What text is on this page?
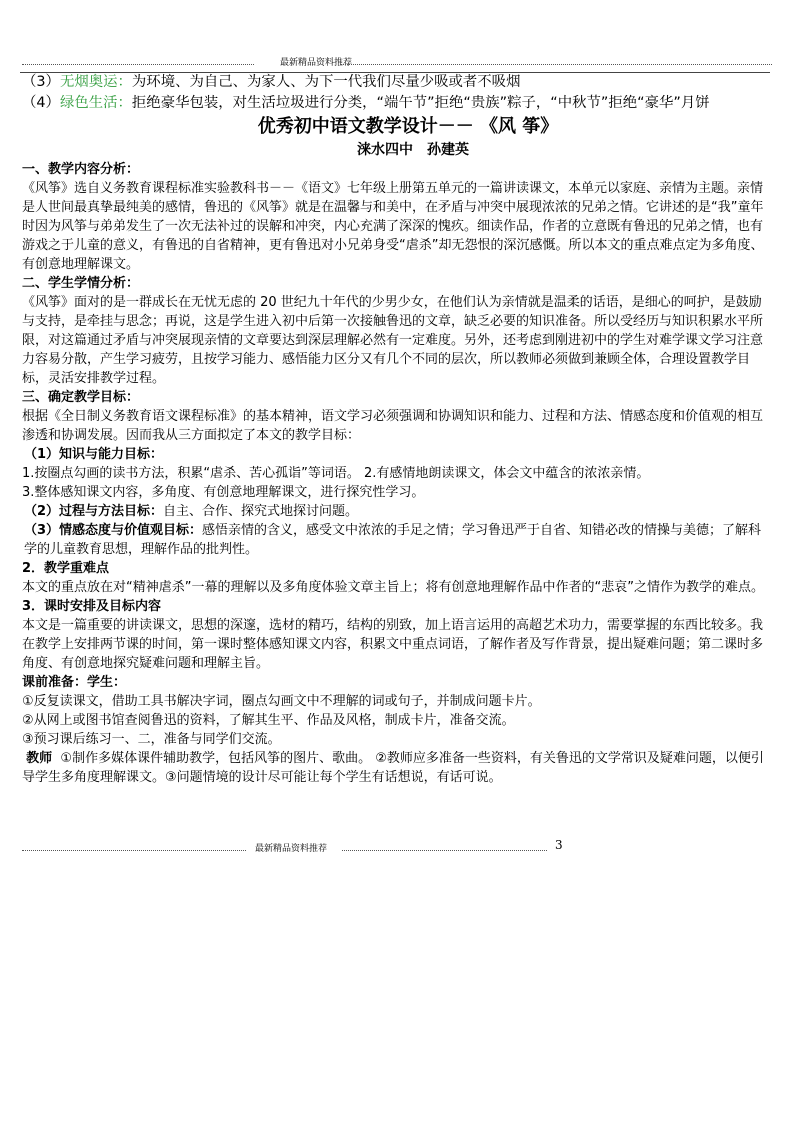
最新精品资料推荐

（3）无烟奥运：为环境、为自己、为家人、为下一代我们尽量少吸或者不吸烟

（4）绿色生活：拒绝豪华包装，对生活垃圾进行分类，“端午节”拒绝“贵族”粽子，“中秋节”拒绝“豪华”月饼

优秀初中语文教学设计－－ 《风 筝》

涞水四中　孙建英

一、教学内容分析：

《风筝》选自义务教育课程标准实验教科书－－《语文》七年级上册第五单元的一篇讲读课文，本单元以家庭、亲情为主题。亲情是人世间最真挚最纯美的感情，鲁迅的《风筝》就是在温馨与和美中，在矛盾与冲突中展现浓浓的兄弟之情。它讲述的是“我”童年时因为风筝与弟弟发生了一次无法补过的误解和冲突，内心充满了深深的愧疚。细读作品，作者的立意既有鲁迅的兄弟之情，也有游戏之于儿童的意义，有鲁迅的自省精神，更有鲁迅对小兄弟身受“虐杀”却无怨恨的深沉感慨。所以本文的重点难点定为多角度、有创意地理解课文。

二、学生学情分析：

《风筝》面对的是一群成长在无忧无虑的 20 世纪九十年代的少男少女，在他们认为亲情就是温柔的话语，是细心的呵护，是鼓励与支持，是牵挂与思念；再说，这是学生进入初中后第一次接触鲁迅的文章，缺乏必要的知识准备。所以受经历与知识积累水平所限，对这篇通过矛盾与冲突展现亲情的文章要达到深层理解必然有一定难度。另外，还考虑到刚进初中的学生对难学课文学习注意力容易分散，产生学习疲劳，且按学习能力、感悟能力区分又有几个不同的层次，所以教师必须做到兼顾全体，合理设置教学目标，灵活安排教学过程。

三、确定教学目标：

根据《全日制义务教育语文课程标准》的基本精神，语文学习必须强调和协调知识和能力、过程和方法、情感态度和价值观的相互渗透和协调发展。因而我从三方面拟定了本文的教学目标：

（1）知识与能力目标：

1.按圈点勾画的读书方法，积累“虐杀、苦心孤诣”等词语。 2.有感情地朗读课文，体会文中蕴含的浓浓亲情。

3.整体感知课文内容，多角度、有创意地理解课文，进行探究性学习。

（2）过程与方法目标：自主、合作、探究式地探讨问题。

（3）情感态度与价值观目标：感悟亲情的含义，感受文中浓浓的手足之情；学习鲁迅严于自省、知错必改的情操与美德；了解科学的儿童教育思想，理解作品的批判性。

2．教学重难点

本文的重点放在对“精神虐杀”一幕的理解以及多角度体验文章主旨上；将有创意地理解作品中作者的“悲哀”之情作为教学的难点。

3．课时安排及目标内容

本文是一篇重要的讲读课文，思想的深邃，选材的精巧，结构的别致，加上语言运用的高超艺术功力，需要掌握的东西比较多。我在教学上安排两节课的时间，第一课时整体感知课文内容，积累文中重点词语，了解作者及写作背景，提出疑难问题；第二课时多角度、有创意地探究疑难问题和理解主旨。

课前准备：学生：

①反复读课文，借助工具书解决字词，圈点勾画文中不理解的词或句子，并制成问题卡片。

②从网上或图书馆查阅鲁迅的资料，了解其生平、作品及风格，制成卡片，准备交流。

③预习课后练习一、二，准备与同学们交流。

教师 ①制作多媒体课件辅助教学，包括风筝的图片、歌曲。 ②教师应多准备一些资料，有关鲁迅的文学常识及疑难问题，以便引导学生多角度理解课文。③问题情境的设计尽可能让每个学生有话想说，有话可说。

最新精品资料推荐	3
